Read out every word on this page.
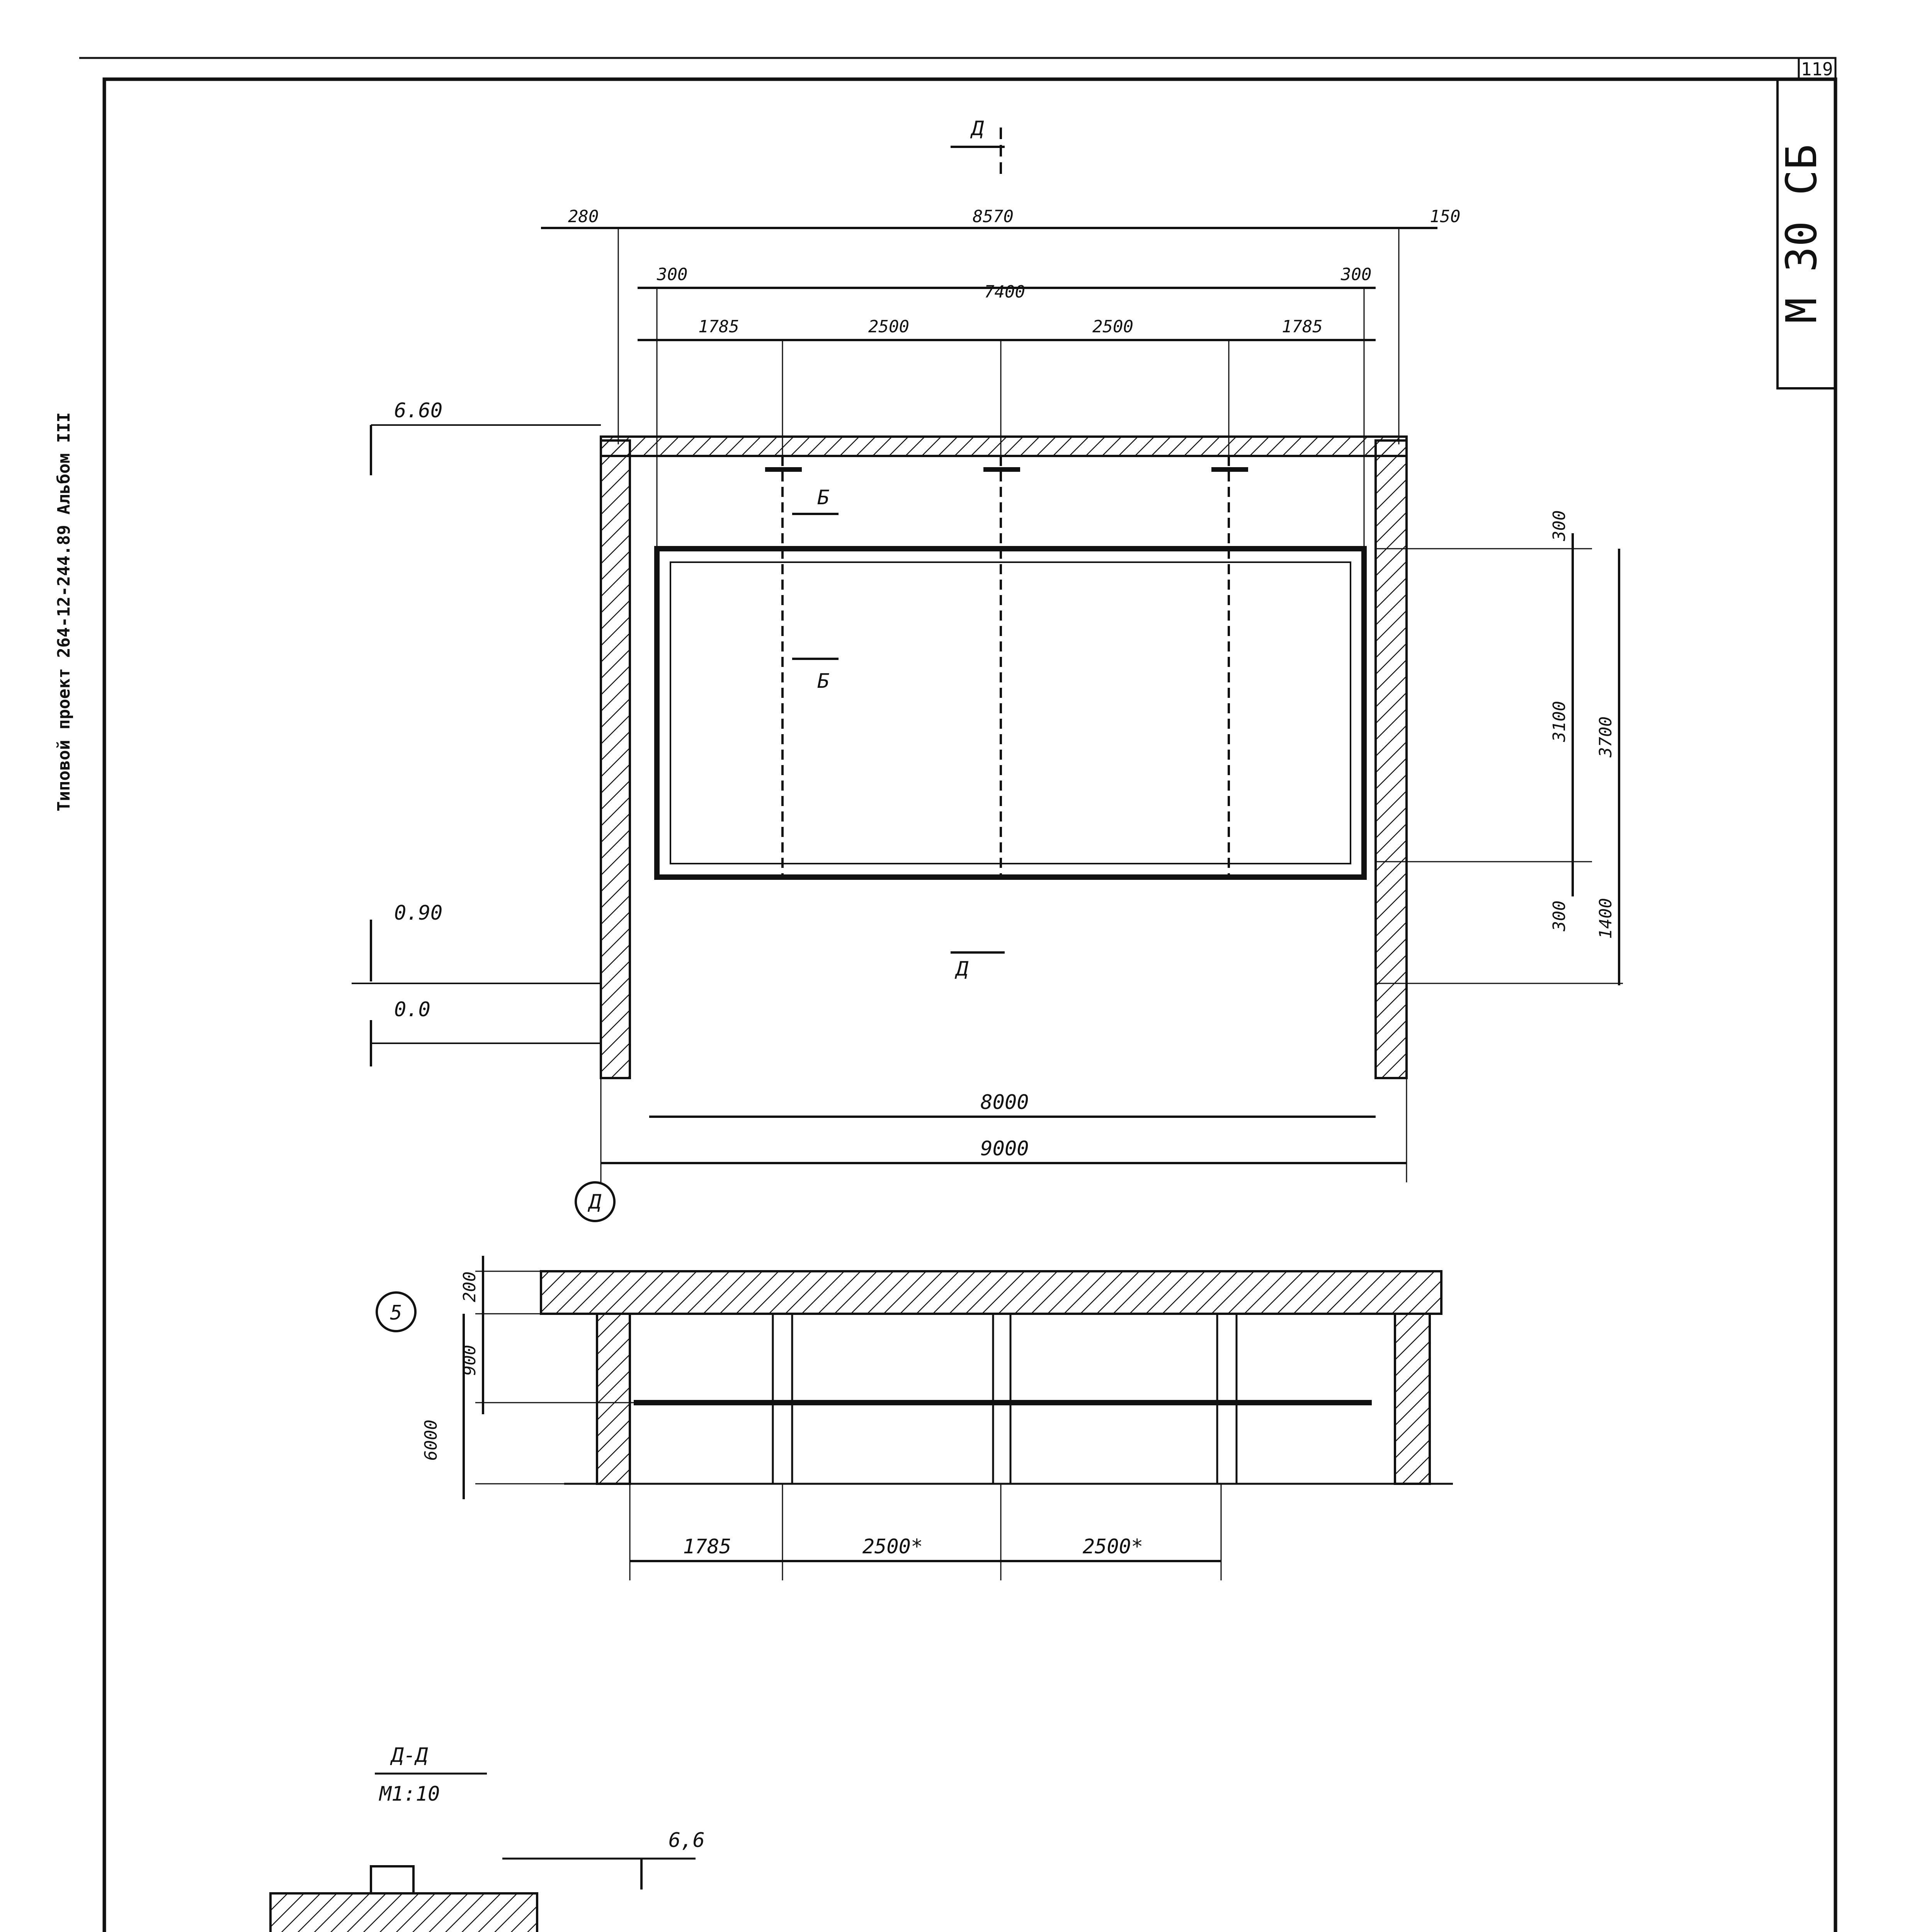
119
М 30 СБ
Типовой проект 264-12-244.89 Альбом III
Д
Д
Д
Б
Б
280	8570	150
300
7400
300
1785	2500	2500	1785
300
3100 3700
300 1400
6.60
0.90
0.0
8000
9000
5
200
900
6000
1785	2500*	2500*
Д-Д
М1:10
6,6
